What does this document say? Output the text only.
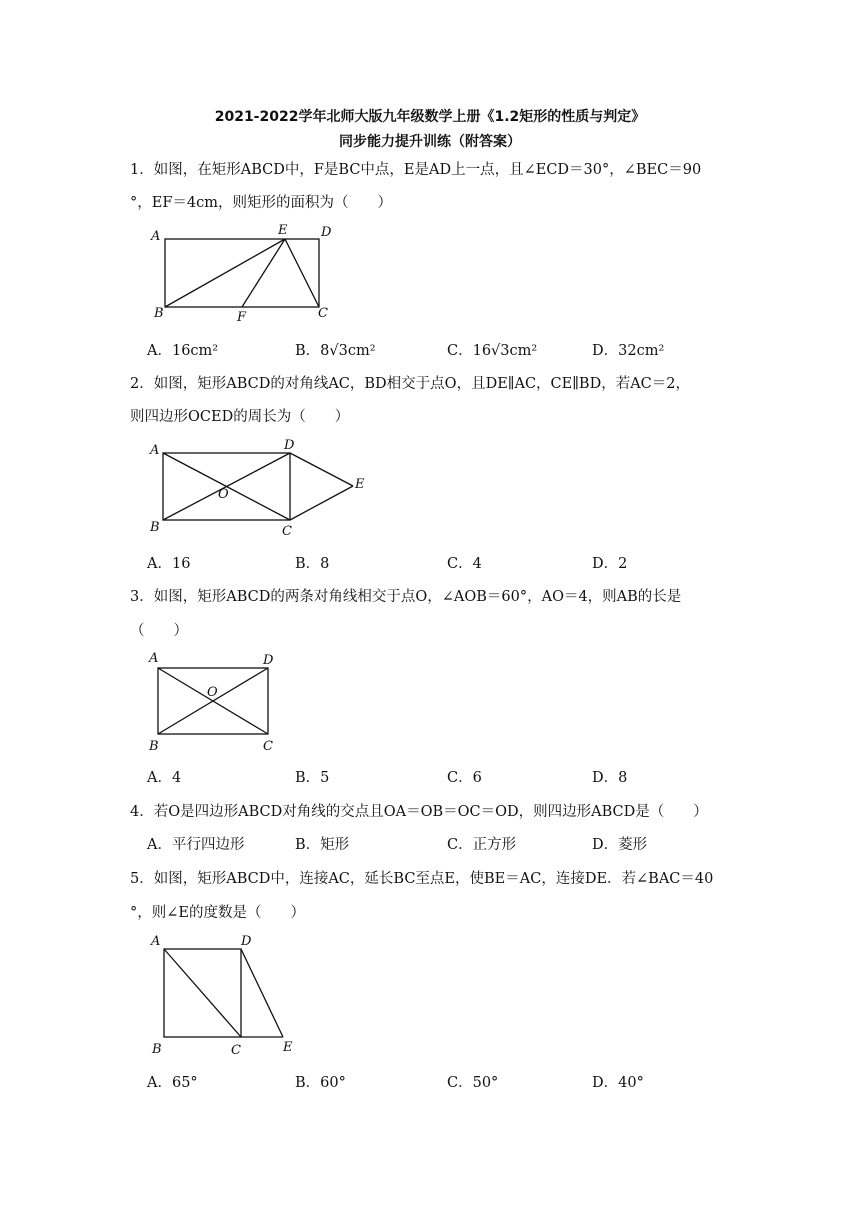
2021-2022学年北师大版九年级数学上册《1.2矩形的性质与判定》
同步能力提升训练（附答案）
1．如图，在矩形ABCD中，F是BC中点，E是AD上一点，且∠ECD＝30°，∠BEC＝90
°，EF＝4cm，则矩形的面积为（　　）
A	E	D
B	F	C
A．16cm²	B．8√3cm²	C．16√3cm²	D．32cm²
2．如图，矩形ABCD的对角线AC，BD相交于点O，且DE∥AC，CE∥BD，若AC＝2，
则四边形OCED的周长为（　　）
A	D
E
O
B	C
A．16	B．8	C．4	D．2
3．如图，矩形ABCD的两条对角线相交于点O，∠AOB＝60°，AO＝4，则AB的长是
（　　）
A	D
O
B	C
A．4	B．5	C．6	D．8
4．若O是四边形ABCD对角线的交点且OA＝OB＝OC＝OD，则四边形ABCD是（　　）
A．平行四边形	B．矩形	C．正方形	D．菱形
5．如图，矩形ABCD中，连接AC，延长BC至点E，使BE＝AC，连接DE．若∠BAC＝40
°，则∠E的度数是（　　）
A	D
B	C	E
A．65°	B．60°	C．50°	D．40°
